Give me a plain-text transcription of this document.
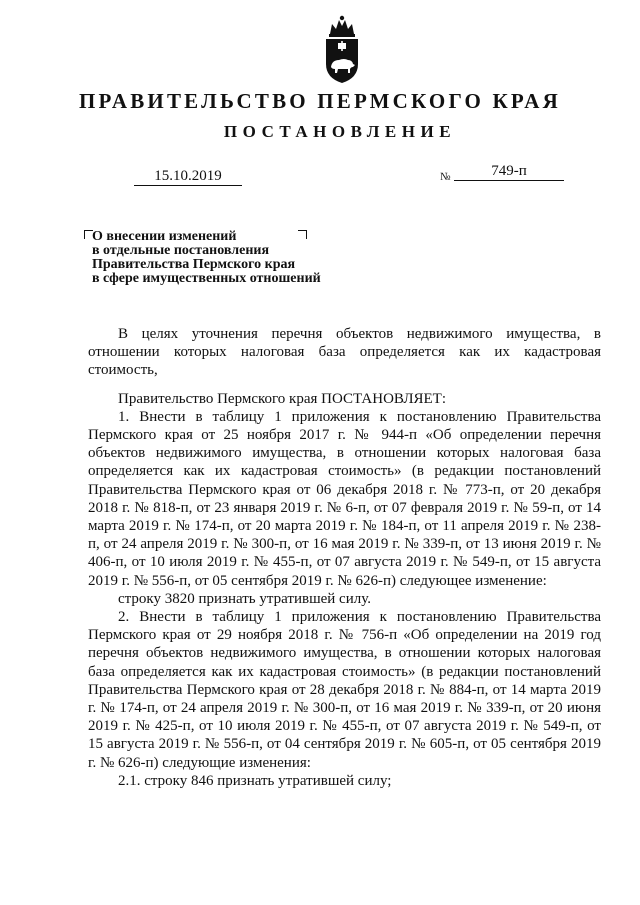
ПРАВИТЕЛЬСТВО ПЕРМСКОГО КРАЯ
ПОСТАНОВЛЕНИЕ
15.10.2019	№	749-п
О внесении изменений
в отдельные постановления
Правительства Пермского края
в сфере имущественных отношений

В целях уточнения перечня объектов недвижимого имущества, в отношении которых налоговая база определяется как их кадастровая стоимость,

Правительство Пермского края ПОСТАНОВЛЯЕТ:

1. Внести в таблицу 1 приложения к постановлению Правительства Пермского края от 25 ноября 2017 г. № 944-п «Об определении перечня объектов недвижимого имущества, в отношении которых налоговая база определяется как их кадастровая стоимость» (в редакции постановлений Правительства Пермского края от 06 декабря 2018 г. № 773-п, от 20 декабря 2018 г. № 818-п, от 23 января 2019 г. № 6-п, от 07 февраля 2019 г. № 59-п, от 14 марта 2019 г. № 174-п, от 20 марта 2019 г. № 184-п, от 11 апреля 2019 г. № 238-п, от 24 апреля 2019 г. № 300-п, от 16 мая 2019 г. № 339-п, от 13 июня 2019 г. № 406-п, от 10 июля 2019 г. № 455-п, от 07 августа 2019 г. № 549-п, от 15 августа 2019 г. № 556-п, от 05 сентября 2019 г. № 626-п) следующее изменение:

строку 3820 признать утратившей силу.

2. Внести в таблицу 1 приложения к постановлению Правительства Пермского края от 29 ноября 2018 г. № 756-п «Об определении на 2019 год перечня объектов недвижимого имущества, в отношении которых налоговая база определяется как их кадастровая стоимость» (в редакции постановлений Правительства Пермского края от 28 декабря 2018 г. № 884-п, от 14 марта 2019 г. № 174-п, от 24 апреля 2019 г. № 300-п, от 16 мая 2019 г. № 339-п, от 20 июня 2019 г. № 425-п, от 10 июля 2019 г. № 455-п, от 07 августа 2019 г. № 549-п, от 15 августа 2019 г. № 556-п, от 04 сентября 2019 г. № 605-п, от 05 сентября 2019 г. № 626-п) следующие изменения:

2.1. строку 846 признать утратившей силу;
